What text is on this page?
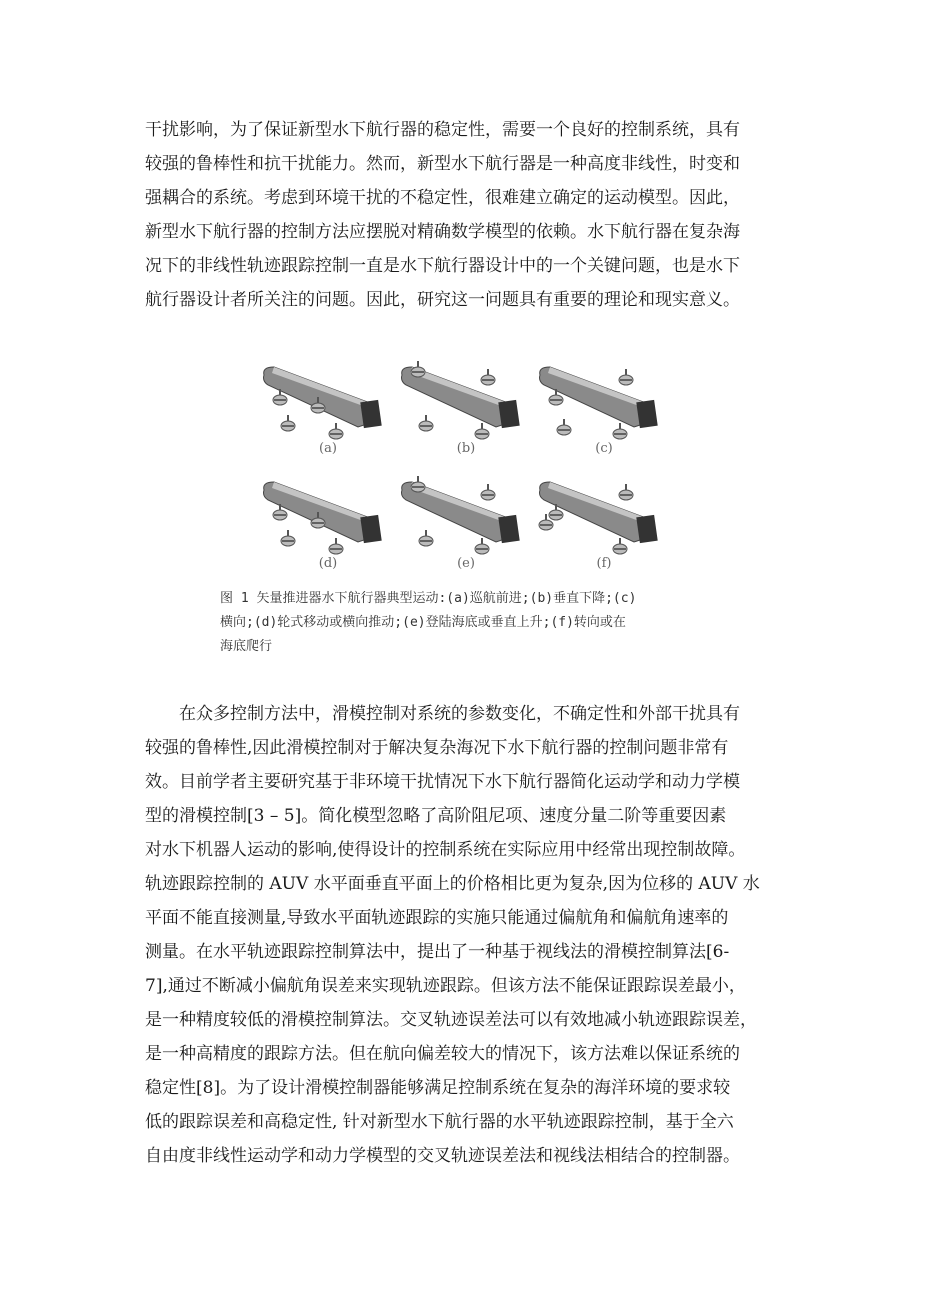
干扰影响，为了保证新型水下航行器的稳定性，需要一个良好的控制系统，具有
较强的鲁棒性和抗干扰能力。然而，新型水下航行器是一种高度非线性，时变和
强耦合的系统。考虑到环境干扰的不稳定性，很难建立确定的运动模型。因此，
新型水下航行器的控制方法应摆脱对精确数学模型的依赖。水下航行器在复杂海
况下的非线性轨迹跟踪控制一直是水下航行器设计中的一个关键问题，也是水下
航行器设计者所关注的问题。因此，研究这一问题具有重要的理论和现实意义。
(a)	(b)	(c)
(d)	(e)	(f)
图 1 矢量推进器水下航行器典型运动:(a)巡航前进;(b)垂直下降;(c)
横向;(d)轮式移动或横向推动;(e)登陆海底或垂直上升;(f)转向或在
海底爬行
　　在众多控制方法中，滑模控制对系统的参数变化，不确定性和外部干扰具有
较强的鲁棒性,因此滑模控制对于解决复杂海况下水下航行器的控制问题非常有
效。目前学者主要研究基于非环境干扰情况下水下航行器简化运动学和动力学模
型的滑模控制[3 – 5]。简化模型忽略了高阶阻尼项、速度分量二阶等重要因素
对水下机器人运动的影响,使得设计的控制系统在实际应用中经常出现控制故障。
轨迹跟踪控制的 AUV 水平面垂直平面上的价格相比更为复杂,因为位移的 AUV 水
平面不能直接测量,导致水平面轨迹跟踪的实施只能通过偏航角和偏航角速率的
测量。在水平轨迹跟踪控制算法中，提出了一种基于视线法的滑模控制算法[6-
7],通过不断减小偏航角误差来实现轨迹跟踪。但该方法不能保证跟踪误差最小，
是一种精度较低的滑模控制算法。交叉轨迹误差法可以有效地减小轨迹跟踪误差，
是一种高精度的跟踪方法。但在航向偏差较大的情况下，该方法难以保证系统的
稳定性[8]。为了设计滑模控制器能够满足控制系统在复杂的海洋环境的要求较
低的跟踪误差和高稳定性, 针对新型水下航行器的水平轨迹跟踪控制，基于全六
自由度非线性运动学和动力学模型的交叉轨迹误差法和视线法相结合的控制器。
